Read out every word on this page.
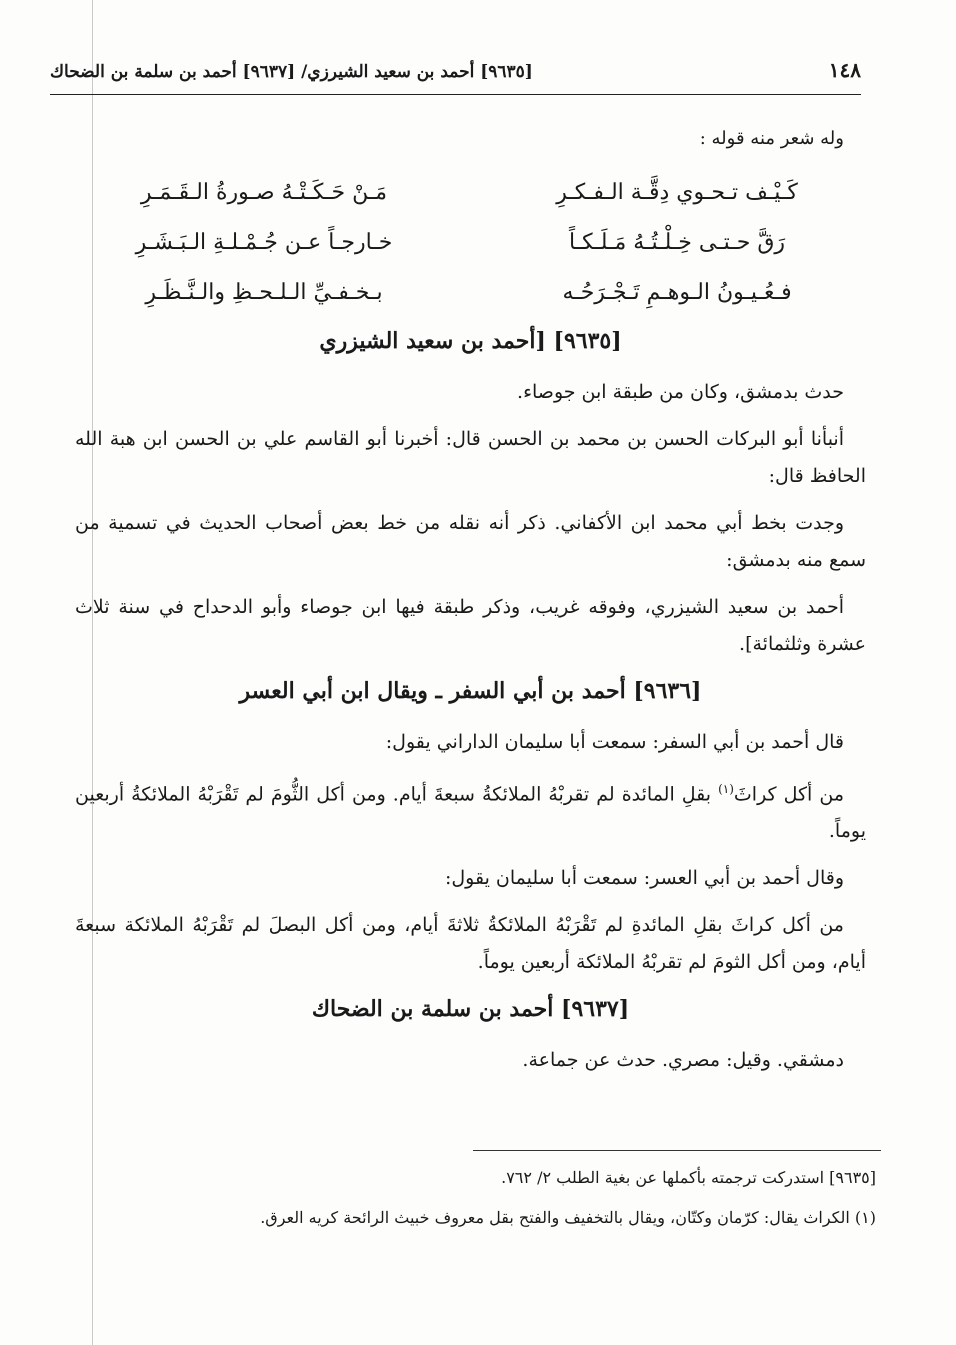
١٤٨
[٩٦٣٥] أحمد بن سعيد الشيرزي/ [٩٦٣٧] أحمد بن سلمة بن الضحاك

وله شعر منه قوله :

كَـيْـف تـحـوي دِقَّـة الـفـكـرِ
مَـنْ حَـكَـتْـهُ صـورةُ الـقَـمَـرِ
رَقَّ حـتـى خِـلْـتُـهُ مَـلَـكـاً
خـارجـاً عـن جُـمْـلـةِ الـبَـشَـرِ
فـعُـيـونُ الـوهـمِ تَـجْـرَحُـه
بـخـفـيِّ الـلـحـظِ والـنَّـظَـرِ
[٩٦٣٥] [أحمد بن سعيد الشيزري

حدث بدمشق، وكان من طبقة ابن جوصاء.

أنبأنا أبو البركات الحسن بن محمد بن الحسن قال: أخبرنا أبو القاسم علي بن الحسن ابن هبة الله الحافظ قال:

وجدت بخط أبي محمد ابن الأكفاني. ذكر أنه نقله من خط بعض أصحاب الحديث في تسمية من سمع منه بدمشق:

أحمد بن سعيد الشيزري، وفوقه غريب، وذكر طبقة فيها ابن جوصاء وأبو الدحداح في سنة ثلاث عشرة وثلثمائة].

[٩٦٣٦] أحمد بن أبي السفر ـ ويقال ابن أبي العسر

قال أحمد بن أبي السفر: سمعت أبا سليمان الداراني يقول:

من أكل كراثَ$^{(١)}$ بقلِ المائدة لم تقربْهُ الملائكةُ سبعةَ أيام. ومن أكل الثُّومَ لم تَقْرَبْهُ الملائكةُ أربعين يوماً.

وقال أحمد بن أبي العسر: سمعت أبا سليمان يقول:

من أكل كراثَ بقلِ المائدةِ لم تَقْرَبْهُ الملائكةُ ثلاثةَ أيام، ومن أكل البصلَ لم تَقْرَبْهُ الملائكة سبعةَ أيام، ومن أكل الثومَ لم تقربْهُ الملائكة أربعين يوماً.

[٩٦٣٧] أحمد بن سلمة بن الضحاك

دمشقي. وقيل: مصري. حدث عن جماعة.

[٩٦٣٥] استدركت ترجمته بأكملها عن بغية الطلب ٢/ ٧٦٢.

(١) الكراث يقال: كرّمان وكتّان، ويقال بالتخفيف والفتح بقل معروف خبيث الرائحة كريه العرق.
